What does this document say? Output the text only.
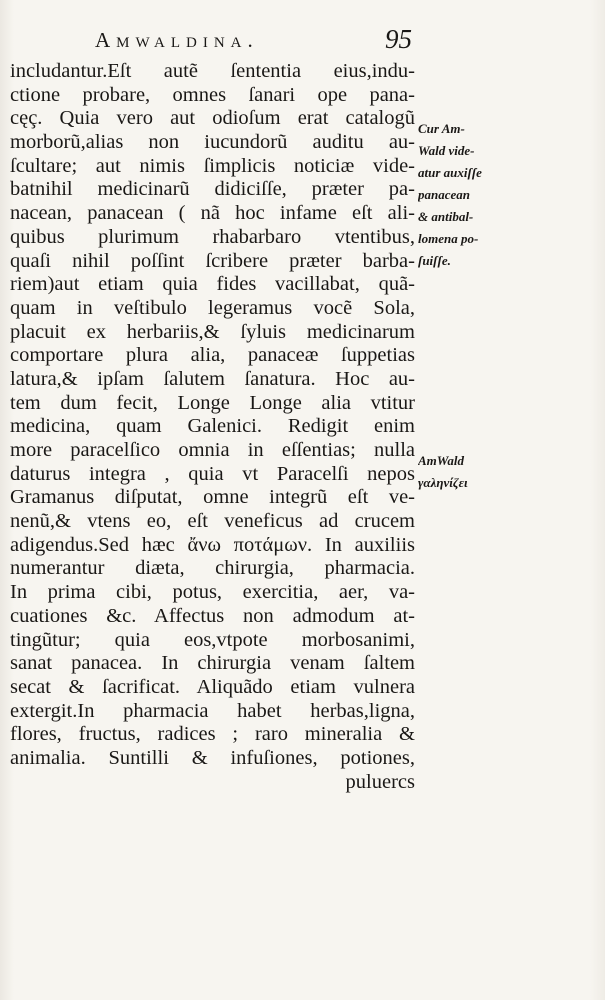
Amwaldina.	95
includantur.Eſt autẽ ſententia eius,indu-
ctione probare, omnes ſanari ope pana-
cęç. Quia vero aut odioſum erat catalogũ
morborũ,alias non iucundorũ auditu au-
ſcultare; aut nimis ſimplicis noticiæ vide-
batnihil medicinarũ didiciſſe, præter pa-
nacean, panacean ( nã hoc infame eſt ali-
quibus plurimum rhabarbaro vtentibus,
quaſi nihil poſſint ſcribere præter barba-
riem)aut etiam quia fides vacillabat, quã-
quam in veſtibulo legeramus vocẽ Sola,
placuit ex herbariis,& ſyluis medicinarum
comportare plura alia, panaceæ ſuppetias
latura,& ipſam ſalutem ſanatura. Hoc au-
tem dum fecit, Longe Longe alia vtitur
medicina, quam Galenici. Redigit enim
more paracelſico omnia in eſſentias; nulla
daturus integra , quia vt Paracelſi nepos
Gramanus diſputat, omne integrũ eſt ve-
nenũ,& vtens eo, eſt veneficus ad crucem
adigendus.Sed hæc ἄνω ποτάμων. In auxiliis
numerantur diæta, chirurgia, pharmacia.
In prima cibi, potus, exercitia, aer, va-
cuationes &c. Affectus non admodum at-
tingũtur; quia eos,vtpote morbosanimi,
sanat panacea. In chirurgia venam ſaltem
secat & ſacrificat. Aliquãdo etiam vulnera
extergit.In pharmacia habet herbas,ligna,
flores, fructus, radices ; raro mineralia &
animalia. Suntilli & infuſiones, potiones,
puluercs
Cur Am-
Wald vide-
atur auxiſſe
panacean
& antibal-
lomena po-
ſuiſſe.
AmWald
γαληνίζει
